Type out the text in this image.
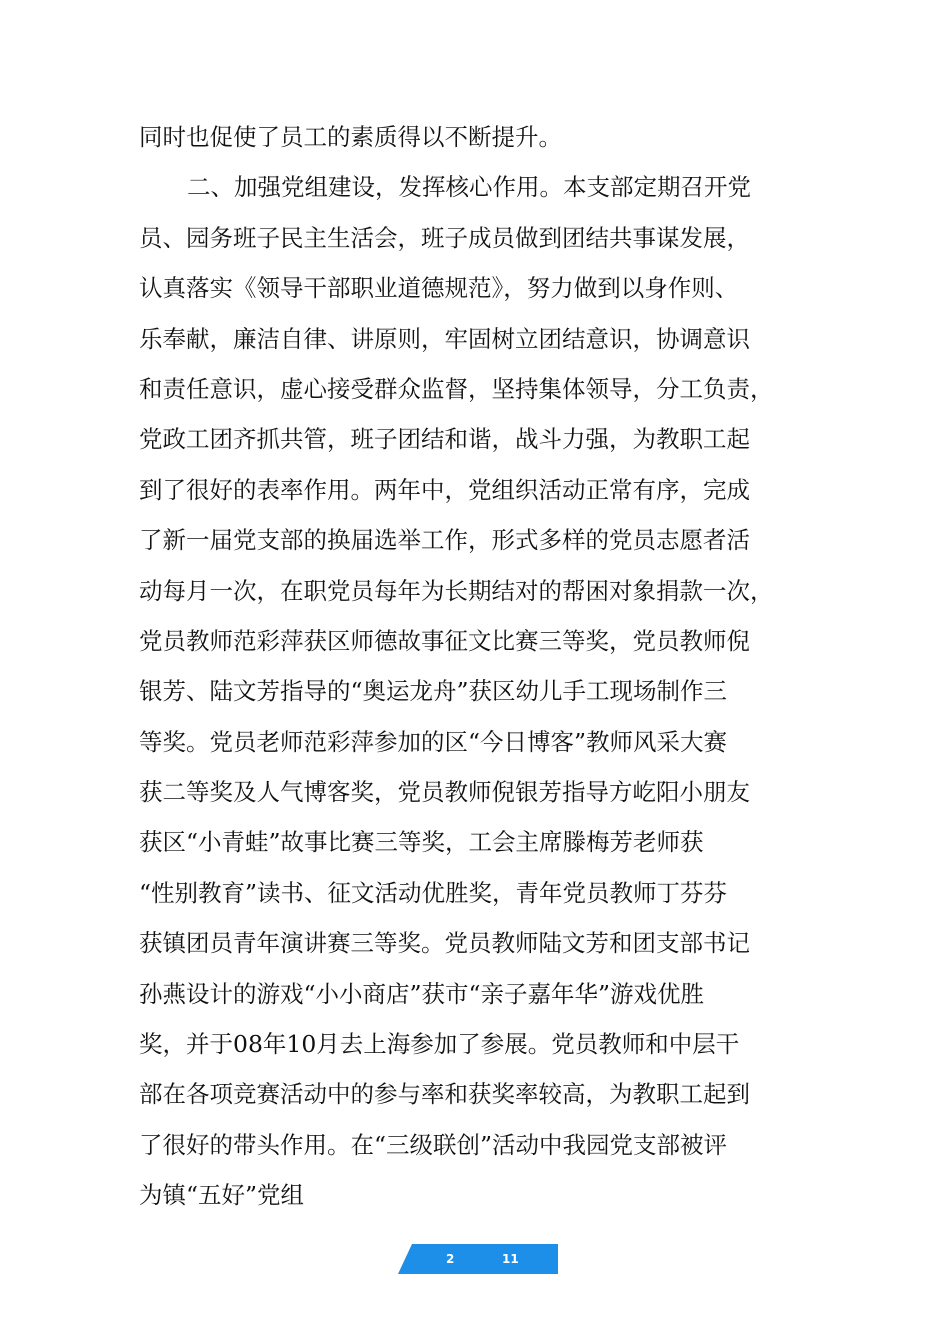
同时也促使了员工的素质得以不断提升。
二、加强党组建设，发挥核心作用。本支部定期召开党
员、园务班子民主生活会，班子成员做到团结共事谋发展，
认真落实《领导干部职业道德规范》，努力做到以身作则、
乐奉献，廉洁自律、讲原则，牢固树立团结意识，协调意识
和责任意识，虚心接受群众监督，坚持集体领导，分工负责，
党政工团齐抓共管，班子团结和谐，战斗力强，为教职工起
到了很好的表率作用。两年中，党组织活动正常有序，完成
了新一届党支部的换届选举工作，形式多样的党员志愿者活
动每月一次，在职党员每年为长期结对的帮困对象捐款一次，
党员教师范彩萍获区师德故事征文比赛三等奖，党员教师倪
银芳、陆文芳指导的“奥运龙舟”获区幼儿手工现场制作三
等奖。党员老师范彩萍参加的区“今日博客”教师风采大赛
获二等奖及人气博客奖，党员教师倪银芳指导方屹阳小朋友
获区“小青蛙”故事比赛三等奖，工会主席滕梅芳老师获
“性别教育”读书、征文活动优胜奖，青年党员教师丁芬芬
获镇团员青年演讲赛三等奖。党员教师陆文芳和团支部书记
孙燕设计的游戏“小小商店”获市“亲子嘉年华”游戏优胜
奖，并于08年10月去上海参加了参展。党员教师和中层干
部在各项竞赛活动中的参与率和获奖率较高，为教职工起到
了很好的带头作用。在“三级联创”活动中我园党支部被评
为镇“五好”党组
2	11
